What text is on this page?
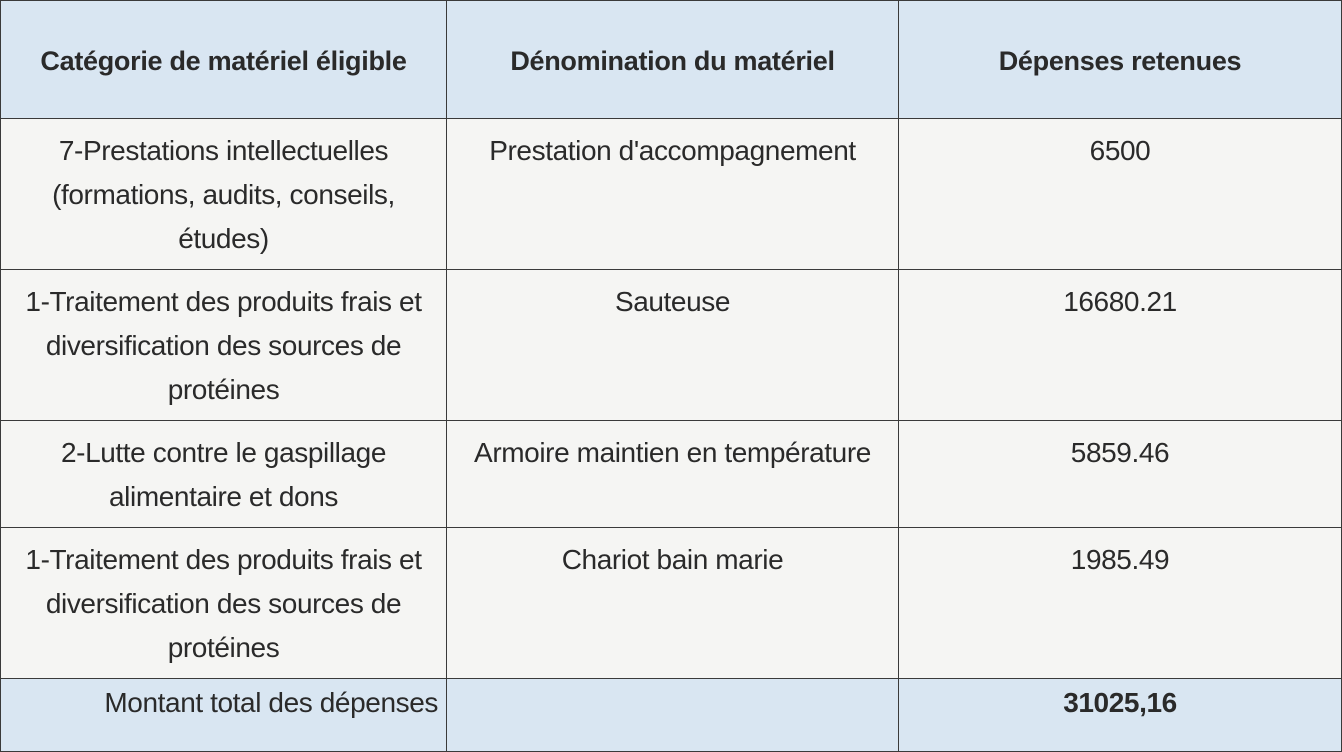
Catégorie de matériel éligible	Dénomination du matériel	Dépenses retenues
7-Prestations intellectuelles (formations, audits, conseils, études)	Prestation d'accompagnement	6500
1-Traitement des produits frais et diversification des sources de protéines	Sauteuse	16680.21
2-Lutte contre le gaspillage alimentaire et dons	Armoire maintien en température	5859.46
1-Traitement des produits frais et diversification des sources de protéines	Chariot bain marie	1985.49
Montant total des dépenses		31025,16
